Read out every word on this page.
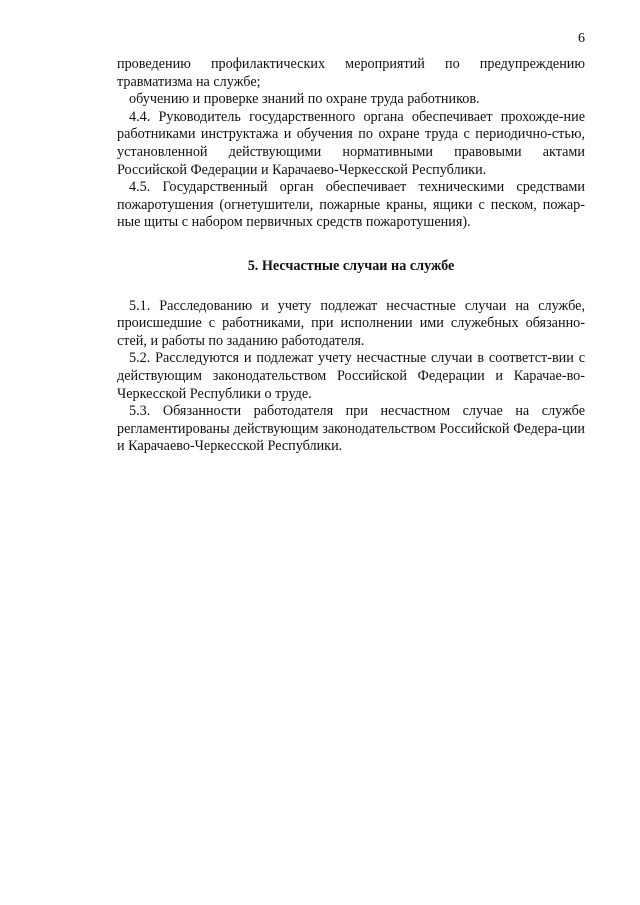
6

проведению профилактических мероприятий по предупреждению травматизма на службе;

обучению и проверке знаний по охране труда работников.

4.4. Руководитель государственного органа обеспечивает прохожде-ние работниками инструктажа и обучения по охране труда с периодично-стью, установленной действующими нормативными правовыми актами Российской Федерации и Карачаево-Черкесской Республики.

4.5. Государственный орган обеспечивает техническими средствами пожаротушения (огнетушители, пожарные краны, ящики с песком, пожар-ные щиты с набором первичных средств пожаротушения).

5. Несчастные случаи на службе

5.1. Расследованию и учету подлежат несчастные случаи на службе, происшедшие с работниками, при исполнении ими служебных обязанно-стей, и работы по заданию работодателя.

5.2. Расследуются и подлежат учету несчастные случаи в соответст-вии с действующим законодательством Российской Федерации и Карачае-во-Черкесской Республики о труде.

5.3. Обязанности работодателя при несчастном случае на службе регламентированы действующим законодательством Российской Федера-ции и Карачаево-Черкесской Республики.
